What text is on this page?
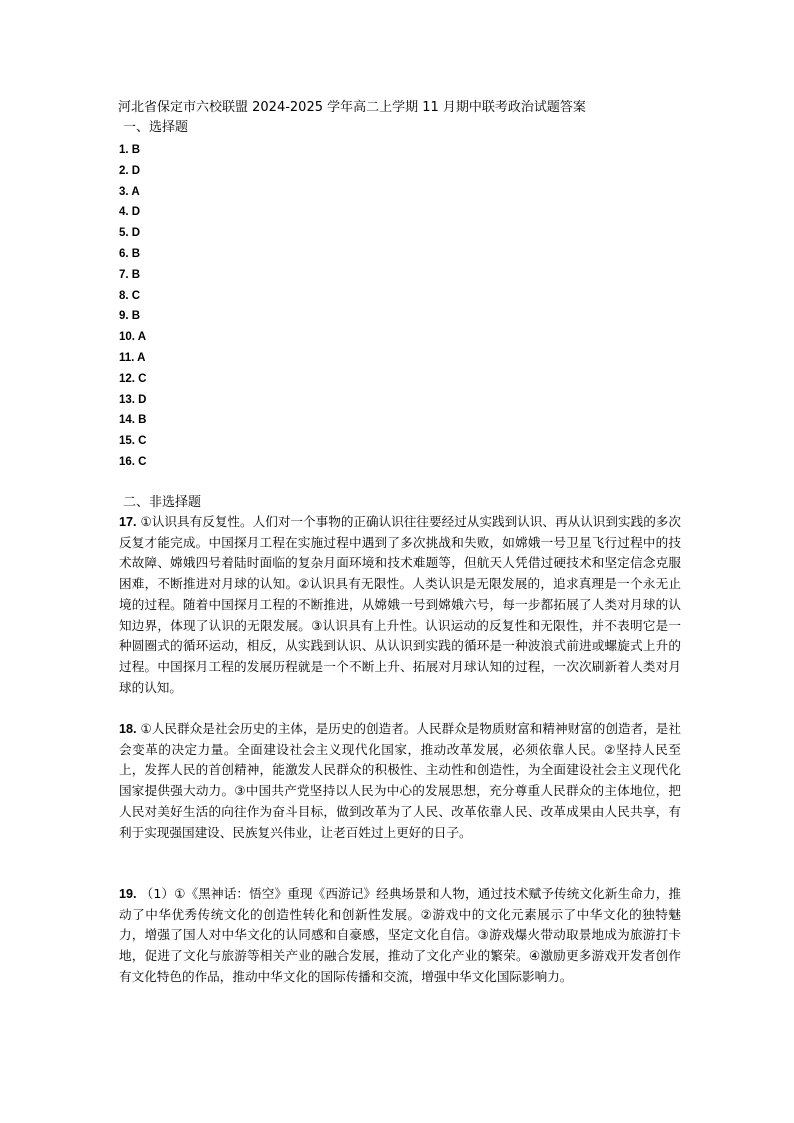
河北省保定市六校联盟 2024-2025 学年高二上学期 11 月期中联考政治试题答案
一、选择题
1. B
2. D
3. A
4. D
5. D
6. B
7. B
8. C
9. B
10. A
11. A
12. C
13. D
14. B
15. C
16. C
二、非选择题

17. ①认识具有反复性。人们对一个事物的正确认识往往要经过从实践到认识、再从认识到实践的多次反复才能完成。中国探月工程在实施过程中遇到了多次挑战和失败，如嫦娥一号卫星飞行过程中的技术故障、嫦娥四号着陆时面临的复杂月面环境和技术难题等，但航天人凭借过硬技术和坚定信念克服困难，不断推进对月球的认知。②认识具有无限性。人类认识是无限发展的，追求真理是一个永无止境的过程。随着中国探月工程的不断推进，从嫦娥一号到嫦娥六号，每一步都拓展了人类对月球的认知边界，体现了认识的无限发展。③认识具有上升性。认识运动的反复性和无限性，并不表明它是一种圆圈式的循环运动，相反，从实践到认识、从认识到实践的循环是一种波浪式前进或螺旋式上升的过程。中国探月工程的发展历程就是一个不断上升、拓展对月球认知的过程，一次次刷新着人类对月球的认知。

18. ①人民群众是社会历史的主体，是历史的创造者。人民群众是物质财富和精神财富的创造者，是社会变革的决定力量。全面建设社会主义现代化国家，推动改革发展，必须依靠人民。②坚持人民至上，发挥人民的首创精神，能激发人民群众的积极性、主动性和创造性，为全面建设社会主义现代化国家提供强大动力。③中国共产党坚持以人民为中心的发展思想，充分尊重人民群众的主体地位，把人民对美好生活的向往作为奋斗目标，做到改革为了人民、改革依靠人民、改革成果由人民共享，有利于实现强国建设、民族复兴伟业，让老百姓过上更好的日子。

19. （1）①《黑神话：悟空》重现《西游记》经典场景和人物，通过技术赋予传统文化新生命力，推动了中华优秀传统文化的创造性转化和创新性发展。②游戏中的文化元素展示了中华文化的独特魅力，增强了国人对中华文化的认同感和自豪感，坚定文化自信。③游戏爆火带动取景地成为旅游打卡地，促进了文化与旅游等相关产业的融合发展，推动了文化产业的繁荣。④激励更多游戏开发者创作有文化特色的作品，推动中华文化的国际传播和交流，增强中华文化国际影响力。
